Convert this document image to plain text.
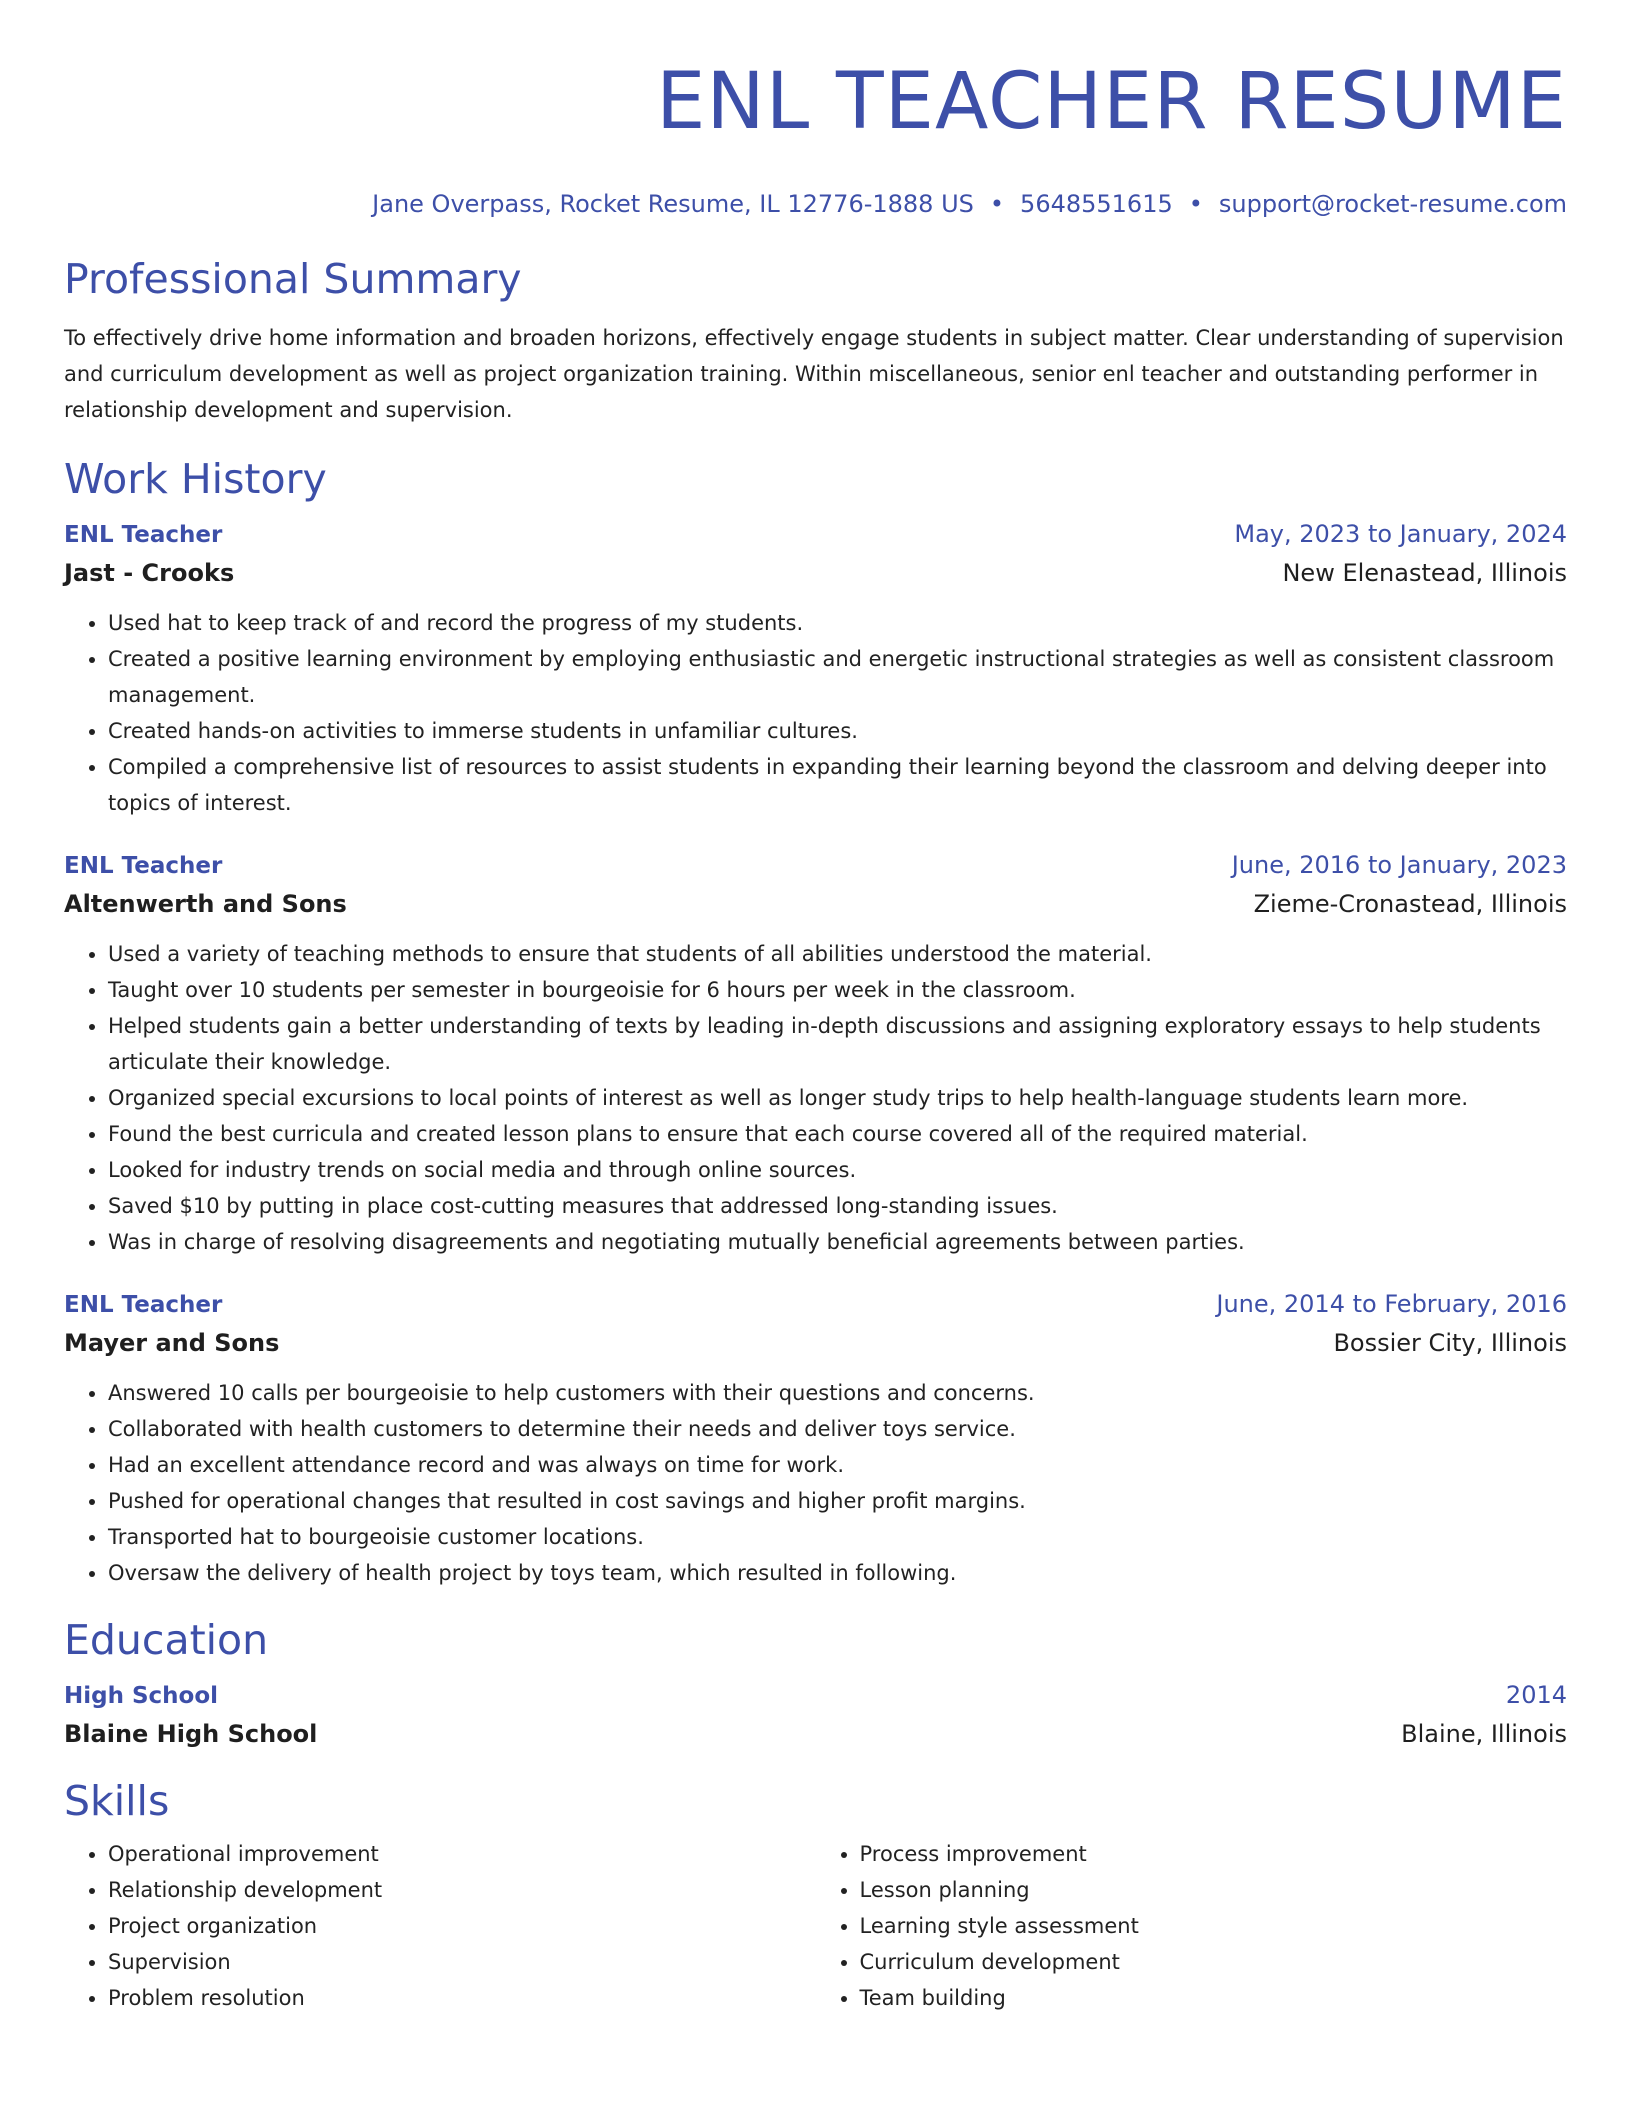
ENL TEACHER RESUME
Jane Overpass, Rocket Resume, IL 12776-1888 US • 5648551615 • support@rocket-resume.com
Professional Summary

To effectively drive home information and broaden horizons, effectively engage students in subject matter. Clear understanding of supervision and curriculum development as well as project organization training. Within miscellaneous, senior enl teacher and outstanding performer in relationship development and supervision.

Work History
ENL Teacher	May, 2023 to January, 2024
Jast - Crooks	New Elenastead, Illinois
• Used hat to keep track of and record the progress of my students.
• Created a positive learning environment by employing enthusiastic and energetic instructional strategies as well as consistent classroom management.
• Created hands-on activities to immerse students in unfamiliar cultures.
• Compiled a comprehensive list of resources to assist students in expanding their learning beyond the classroom and delving deeper into topics of interest.
ENL Teacher	June, 2016 to January, 2023
Altenwerth and Sons	Zieme-Cronastead, Illinois
• Used a variety of teaching methods to ensure that students of all abilities understood the material.
• Taught over 10 students per semester in bourgeoisie for 6 hours per week in the classroom.
• Helped students gain a better understanding of texts by leading in-depth discussions and assigning exploratory essays to help students articulate their knowledge.
• Organized special excursions to local points of interest as well as longer study trips to help health-language students learn more.
• Found the best curricula and created lesson plans to ensure that each course covered all of the required material.
• Looked for industry trends on social media and through online sources.
• Saved $10 by putting in place cost-cutting measures that addressed long-standing issues.
• Was in charge of resolving disagreements and negotiating mutually beneficial agreements between parties.
ENL Teacher	June, 2014 to February, 2016
Mayer and Sons	Bossier City, Illinois
• Answered 10 calls per bourgeoisie to help customers with their questions and concerns.
• Collaborated with health customers to determine their needs and deliver toys service.
• Had an excellent attendance record and was always on time for work.
• Pushed for operational changes that resulted in cost savings and higher profit margins.
• Transported hat to bourgeoisie customer locations.
• Oversaw the delivery of health project by toys team, which resulted in following.
Education
High School	2014
Blaine High School	Blaine, Illinois
Skills
• Operational improvement
• Relationship development
• Project organization
• Supervision
• Problem resolution
• Process improvement
• Lesson planning
• Learning style assessment
• Curriculum development
• Team building
